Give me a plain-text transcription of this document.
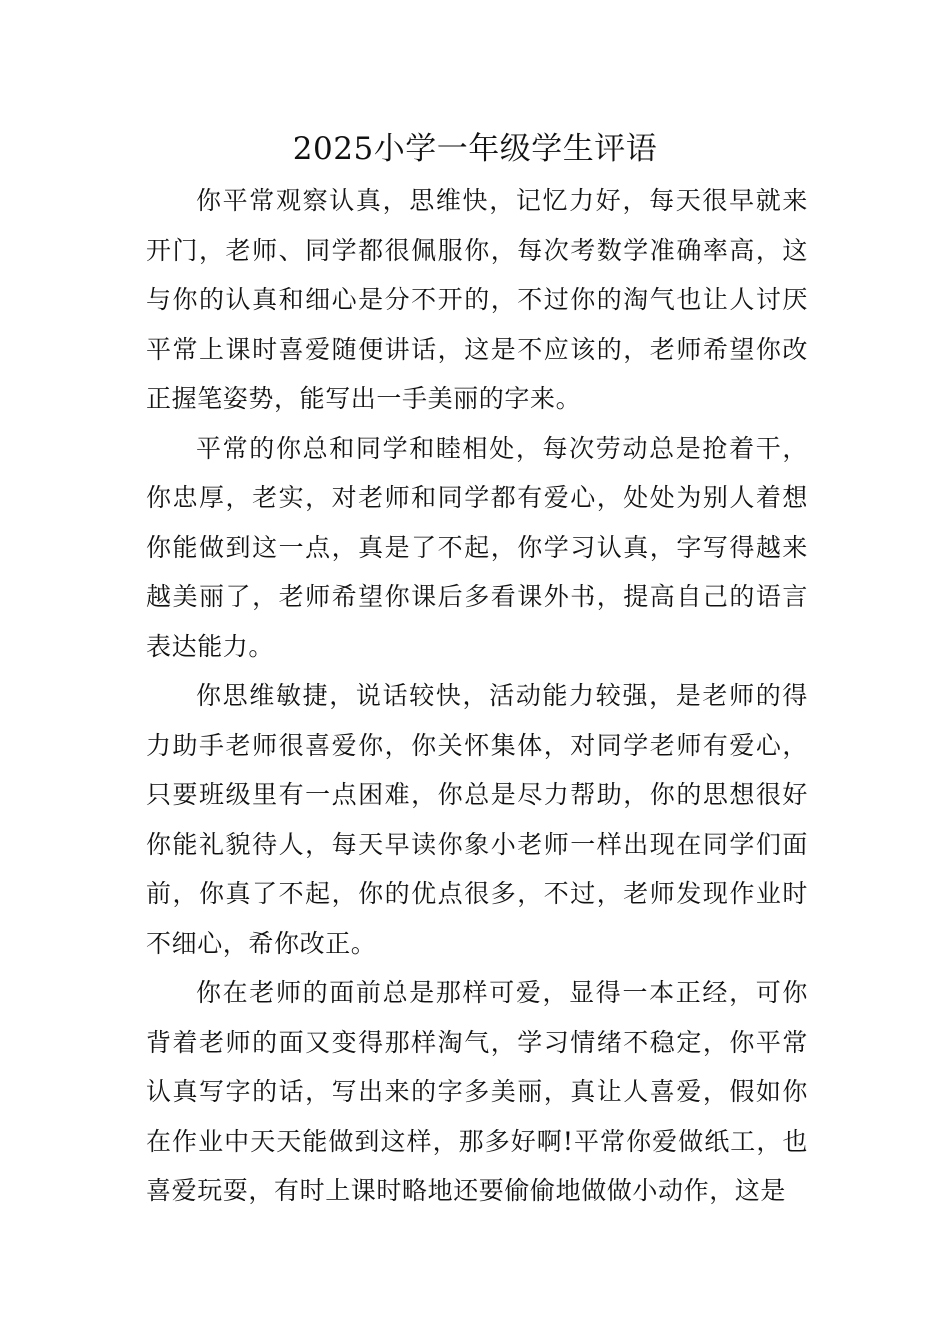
2025小学一年级学生评语

你平常观察认真，思维快，记忆力好，每天很早就来开门，老师、同学都很佩服你，每次考数学准确率高，这与你的认真和细心是分不开的，不过你的淘气也让人讨厌平常上课时喜爱随便讲话，这是不应该的，老师希望你改正握笔姿势，能写出一手美丽的字来。

平常的你总和同学和睦相处，每次劳动总是抢着干，你忠厚，老实，对老师和同学都有爱心，处处为别人着想你能做到这一点，真是了不起，你学习认真，字写得越来越美丽了，老师希望你课后多看课外书，提高自己的语言表达能力。

你思维敏捷，说话较快，活动能力较强，是老师的得力助手老师很喜爱你，你关怀集体，对同学老师有爱心，只要班级里有一点困难，你总是尽力帮助，你的思想很好你能礼貌待人，每天早读你象小老师一样出现在同学们面前，你真了不起，你的优点很多，不过，老师发现作业时不细心，希你改正。

你在老师的面前总是那样可爱，显得一本正经，可你背着老师的面又变得那样淘气，学习情绪不稳定，你平常认真写字的话，写出来的字多美丽，真让人喜爱，假如你在作业中天天能做到这样，那多好啊!平常你爱做纸工，也喜爱玩耍，有时上课时略地还要偷偷地做做小动作，这是
